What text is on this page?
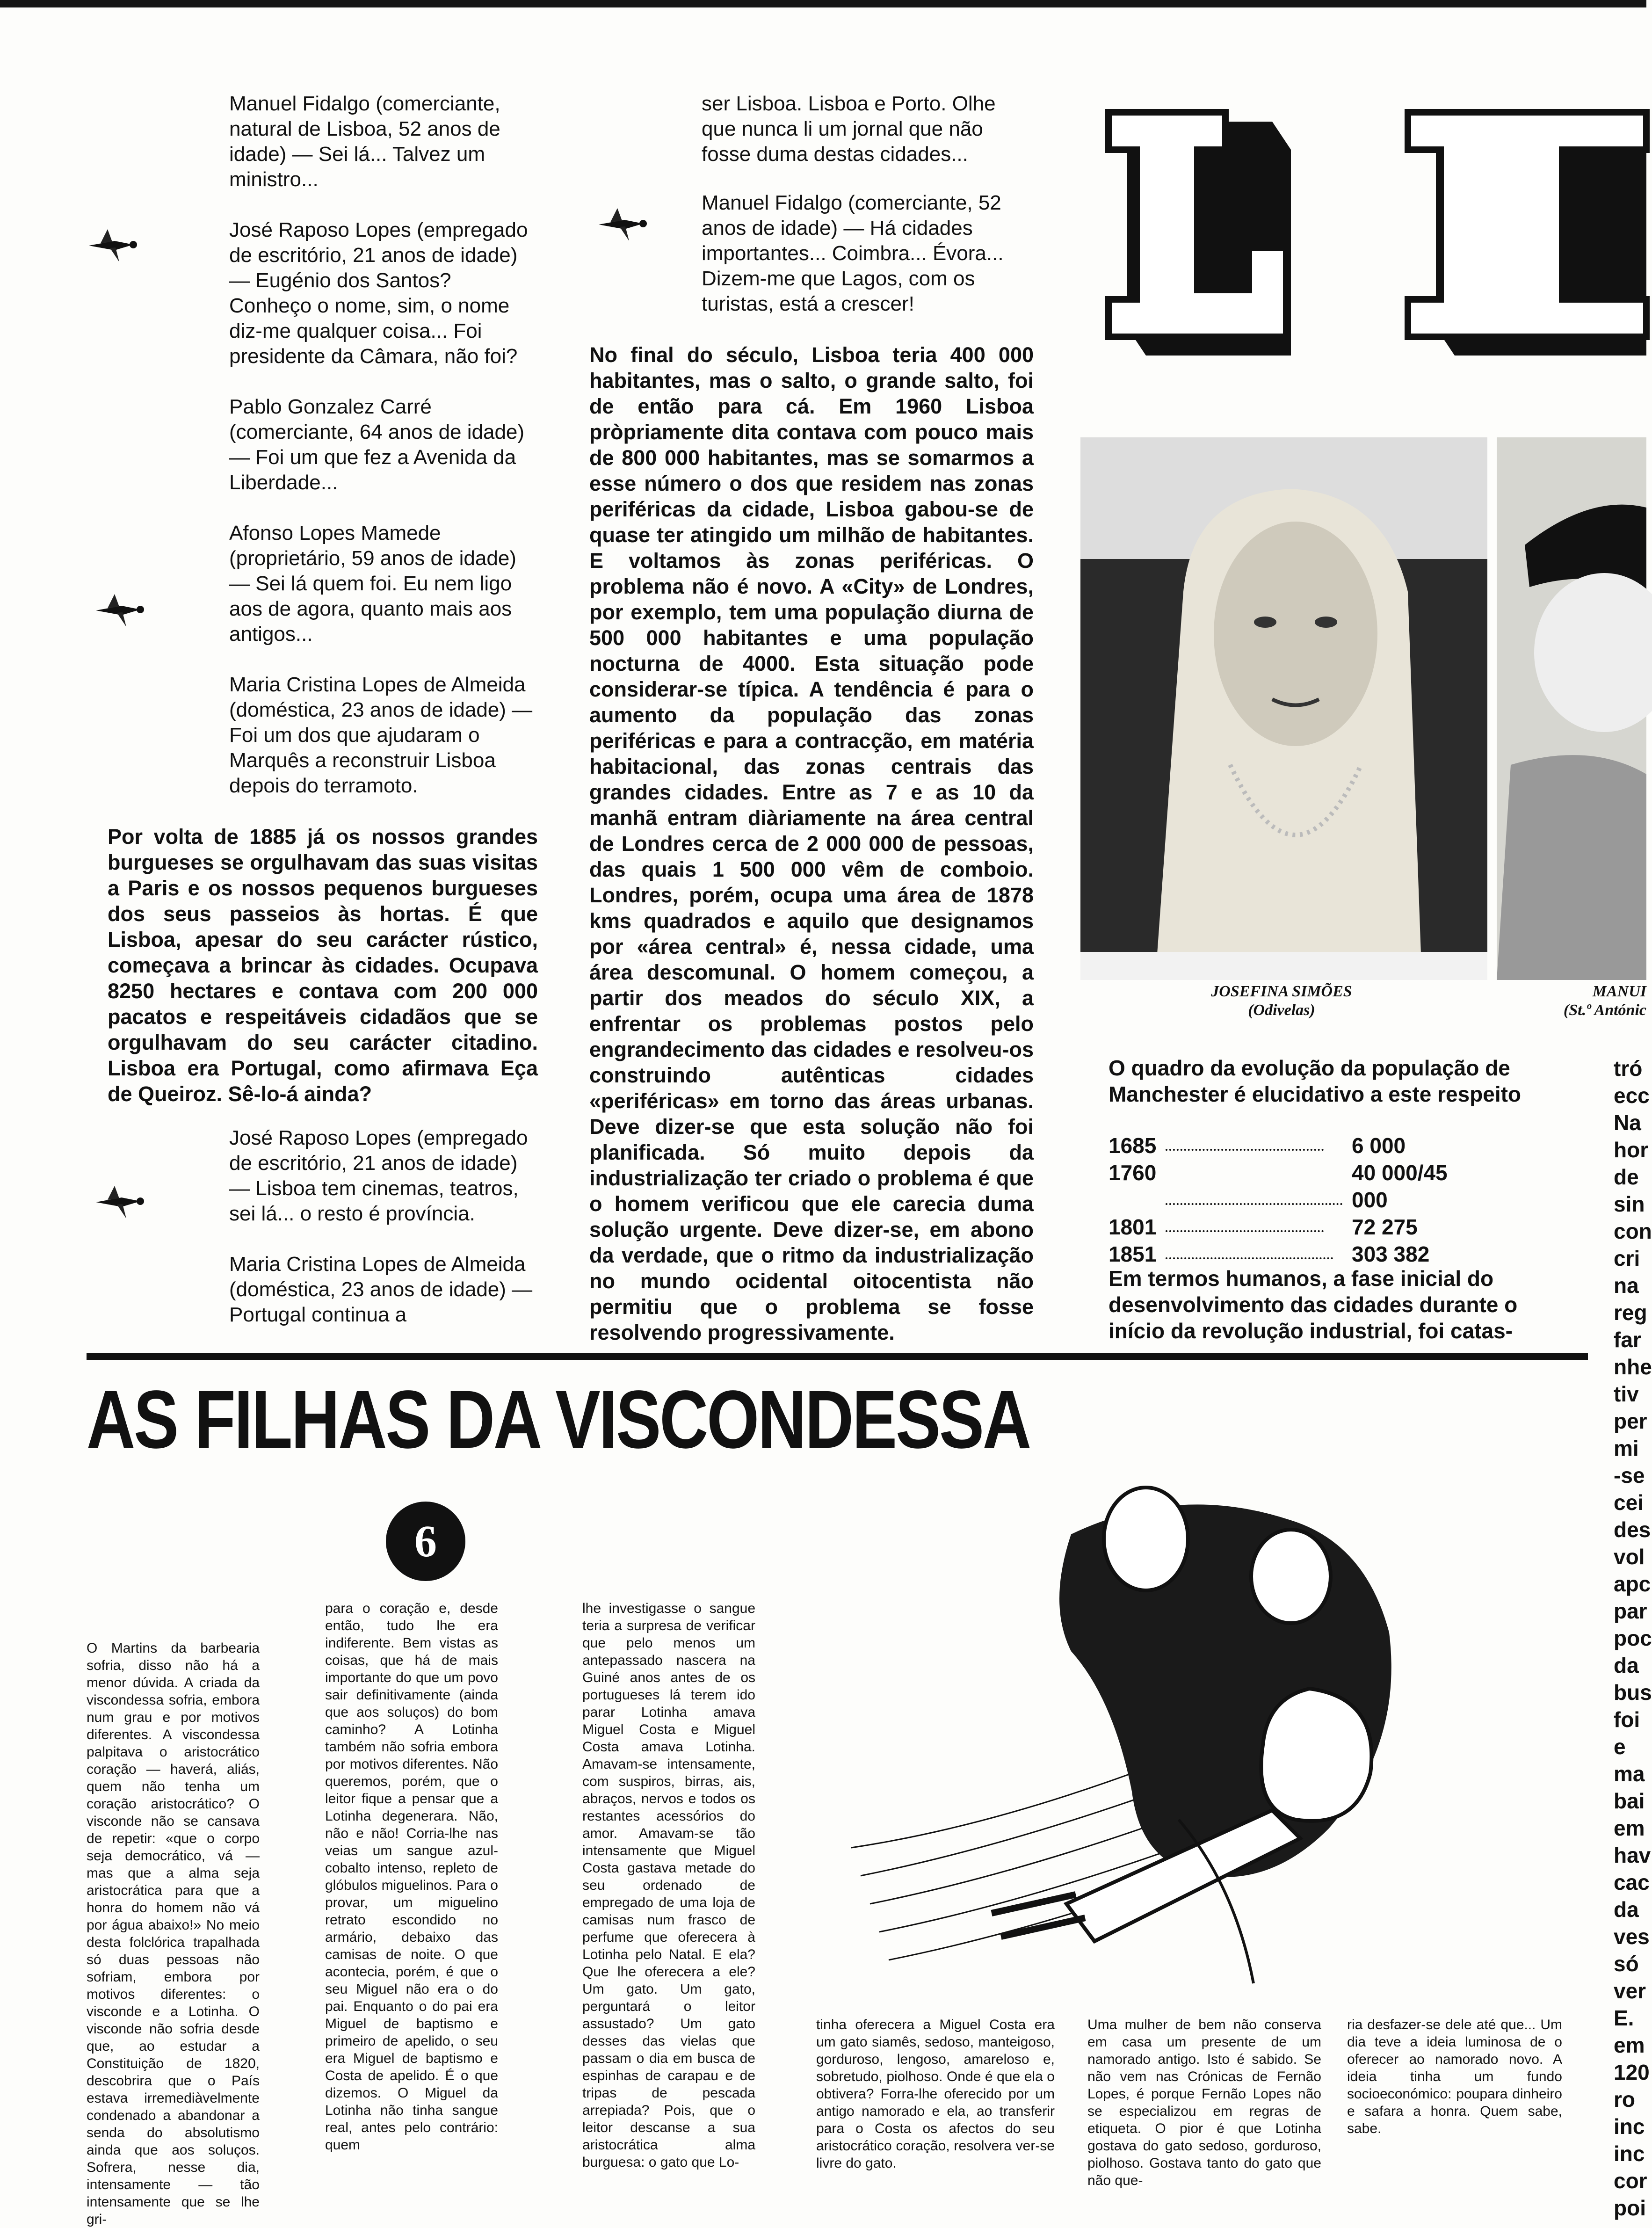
Manuel Fidalgo (comerciante, natural de Lisboa, 52 anos de idade) — Sei lá... Talvez um ministro...

José Raposo Lopes (empregado de escritório, 21 anos de idade) — Eugénio dos Santos? Conheço o nome, sim, o nome diz-me qualquer coisa... Foi presidente da Câmara, não foi?

Pablo Gonzalez Carré (comerciante, 64 anos de idade) — Foi um que fez a Avenida da Liberdade...

Afonso Lopes Mamede (proprietário, 59 anos de idade) — Sei lá quem foi. Eu nem ligo aos de agora, quanto mais aos antigos...

Maria Cristina Lopes de Almeida (doméstica, 23 anos de idade) — Foi um dos que ajudaram o Marquês a reconstruir Lisboa depois do terramoto.

Por volta de 1885 já os nossos grandes burgueses se orgulhavam das suas visitas a Paris e os nossos pequenos burgueses dos seus passeios às hortas. É que Lisboa, apesar do seu carácter rústico, começava a brincar às cidades. Ocupava 8250 hectares e contava com 200 000 pacatos e respeitáveis cidadãos que se orgulhavam do seu carácter citadino. Lisboa era Portugal, como afirmava Eça de Queiroz. Sê-lo-á ainda?

José Raposo Lopes (empregado de escritório, 21 anos de idade) — Lisboa tem cinemas, teatros, sei lá... o resto é província.

Maria Cristina Lopes de Almeida (doméstica, 23 anos de idade) — Portugal continua a

ser Lisboa. Lisboa e Porto. Olhe que nunca li um jornal que não fosse duma destas cidades...

Manuel Fidalgo (comerciante, 52 anos de idade) — Há cidades importantes... Coimbra... Évora... Dizem-me que Lagos, com os turistas, está a crescer!

No final do século, Lisboa teria 400 000 habitantes, mas o salto, o grande salto, foi de então para cá. Em 1960 Lisboa pròpriamente dita contava com pouco mais de 800 000 habitantes, mas se somarmos a esse número o dos que residem nas zonas periféricas da cidade, Lisboa gabou-se de quase ter atingido um milhão de habitantes. E voltamos às zonas periféricas. O problema não é novo. A «City» de Londres, por exemplo, tem uma população diurna de 500 000 habitantes e uma população nocturna de 4000. Esta situação pode considerar-se típica. A tendência é para o aumento da população das zonas periféricas e para a contracção, em matéria habitacional, das zonas centrais das grandes cidades. Entre as 7 e as 10 da manhã entram diàriamente na área central de Londres cerca de 2 000 000 de pessoas, das quais 1 500 000 vêm de comboio. Londres, porém, ocupa uma área de 1878 kms quadrados e aquilo que designamos por «área central» é, nessa cidade, uma área descomunal. O homem começou, a partir dos meados do século XIX, a enfrentar os problemas postos pelo engrandecimento das cidades e resolveu-os construindo autênticas cidades «periféricas» em torno das áreas urbanas. Deve dizer-se que esta solução não foi planificada. Só muito depois da industrialização ter criado o problema é que o homem verificou que ele carecia duma solução urgente. Deve dizer-se, em abono da verdade, que o ritmo da industrialização no mundo ocidental oitocentista não permitiu que o problema se fosse resolvendo progressivamente.
JOSEFINA SIMÕES
(Odivelas)
MANUI
(St.º Antónic
O quadro da evolução da população de Manchester é elucidativo a este respeito
1685	6 000
1760	40 000/45 000
1801	72 275
1851	303 382
Em termos humanos, a fase inicial do desenvolvimento das cidades durante o início da revolução industrial, foi catas-
tró ecc Na hor de sin con cri na reg far nhe tiv per mi -se cei des vol apc par poc da bus foi e ma bai em hav cac da ves só ver E. em 120 ro inc inc cor poi
AS FILHAS DA VISCONDESSA
6

O Martins da barbearia sofria, disso não há a menor dúvida. A criada da viscondessa sofria, embora num grau e por motivos diferentes. A viscondessa palpitava o aristocrático coração — haverá, aliás, quem não tenha um coração aristocrático? O visconde não se cansava de repetir: «que o corpo seja democrático, vá — mas que a alma seja aristocrática para que a honra do homem não vá por água abaixo!» No meio desta folclórica trapalhada só duas pessoas não sofriam, embora por motivos diferentes: o visconde e a Lotinha. O visconde não sofria desde que, ao estudar a Constituição de 1820, descobrira que o País estava irremediàvelmente condenado a abandonar a senda do absolutismo ainda que aos soluços. Sofrera, nesse dia, intensamente — tão intensamente que se lhe gri-

para o coração e, desde então, tudo lhe era indiferente. Bem vistas as coisas, que há de mais importante do que um povo sair definitivamente (ainda que aos soluços) do bom caminho? A Lotinha também não sofria embora por motivos diferentes. Não queremos, porém, que o leitor fique a pensar que a Lotinha degenerara. Não, não e não! Corria-lhe nas veias um sangue azul-cobalto intenso, repleto de glóbulos miguelinos. Para o provar, um miguelino retrato escondido no armário, debaixo das camisas de noite. O que acontecia, porém, é que o seu Miguel não era o do pai. Enquanto o do pai era Miguel de baptismo e primeiro de apelido, o seu era Miguel de baptismo e Costa de apelido. É o que dizemos. O Miguel da Lotinha não tinha sangue real, antes pelo contrário: quem

lhe investigasse o sangue teria a surpresa de verificar que pelo menos um antepassado nascera na Guiné anos antes de os portugueses lá terem ido parar Lotinha amava Miguel Costa e Miguel Costa amava Lotinha. Amavam-se intensamente, com suspiros, birras, ais, abraços, nervos e todos os restantes acessórios do amor. Amavam-se tão intensamente que Miguel Costa gastava metade do seu ordenado de empregado de uma loja de camisas num frasco de perfume que oferecera à Lotinha pelo Natal. E ela? Que lhe oferecera a ele? Um gato. Um gato, perguntará o leitor assustado? Um gato desses das vielas que passam o dia em busca de espinhas de carapau e de tripas de pescada arrepiada? Pois, que o leitor descanse a sua aristocrática alma burguesa: o gato que Lo-

tinha oferecera a Miguel Costa era um gato siamês, sedoso, manteigoso, gorduroso, lengoso, amareloso e, sobretudo, piolhoso. Onde é que ela o obtivera? Forra-lhe oferecido por um antigo namorado e ela, ao transferir para o Costa os afectos do seu aristocrático coração, resolvera ver-se livre do gato.

Uma mulher de bem não conserva em casa um presente de um namorado antigo. Isto é sabido. Se não vem nas Crónicas de Fernão Lopes, é porque Fernão Lopes não se especializou em regras de etiqueta. O pior é que Lotinha gostava do gato sedoso, gorduroso, piolhoso. Gostava tanto do gato que não que-

ria desfazer-se dele até que... Um dia teve a ideia luminosa de o oferecer ao namorado novo. A ideia tinha um fundo socioeconómico: poupara dinheiro e safara a honra. Quem sabe, sabe.
